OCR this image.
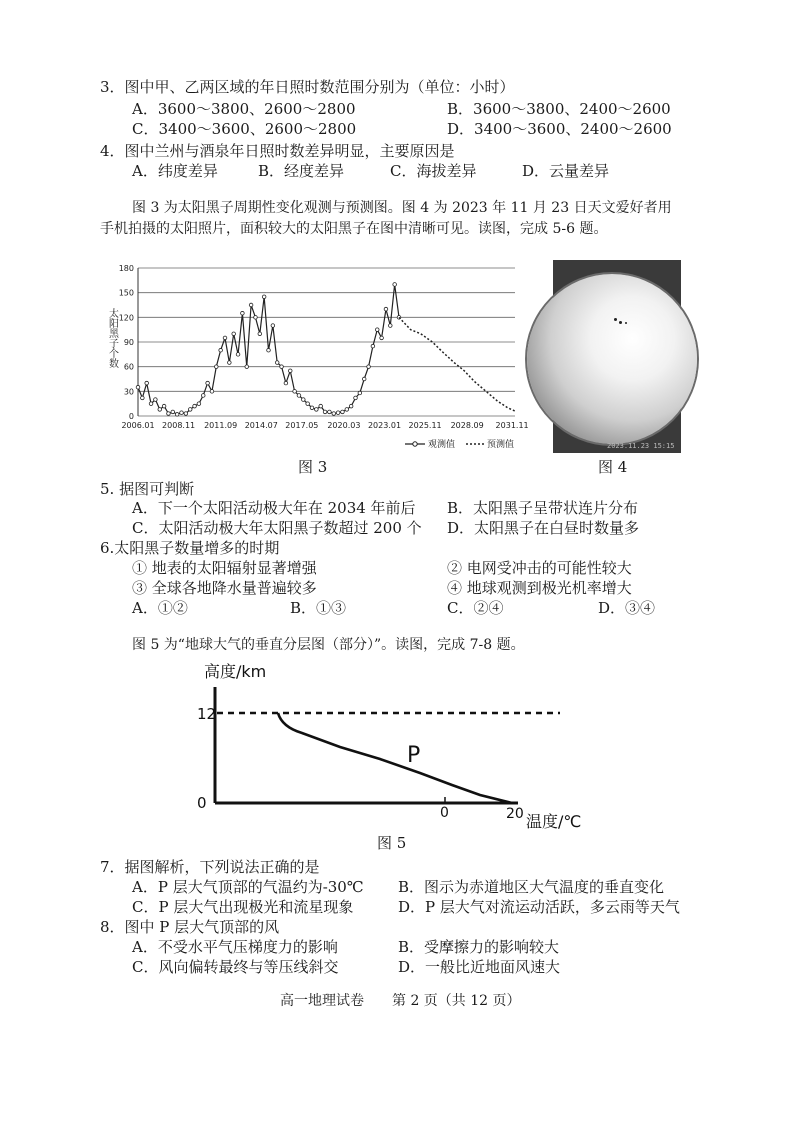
3．图中甲、乙两区域的年日照时数范围分别为（单位：小时）
A．3600～3800、2600～2800	B．3600～3800、2400～2600
C．3400～3600、2600～2800	D．3400～3600、2400～2600
4．图中兰州与酒泉年日照时数差异明显，主要原因是
A．纬度差异	B．经度差异	C．海拔差异	D．云量差异
图 3 为太阳黑子周期性变化观测与预测图。图 4 为 2023 年 11 月 23 日天文爱好者用
手机拍摄的太阳照片，面积较大的太阳黑子在图中清晰可见。读图，完成 5-6 题。
0
30
60
90
120
150
180
2006.01 2008.11 2011.09 2014.07 2017.05 2020.03 2023.01 2025.11 2028.09 2031.11
太阳黑子个数
观测值	预测值
图 3
2023.11.23 15:15
图 4
5. 据图可判断
A．下一个太阳活动极大年在 2034 年前后 B．太阳黑子呈带状连片分布
C．太阳活动极大年太阳黑子数超过 200 个 D．太阳黑子在白昼时数量多
6.太阳黑子数量增多的时期
① 地表的太阳辐射显著增强	② 电网受冲击的可能性较大
③ 全球各地降水量普遍较多	④ 地球观测到极光机率增大
A．①②	B．①③	C．②④	D．③④
图 5 为“地球大气的垂直分层图（部分）”。读图，完成 7-8 题。
高度/km
12
0
P
0	20 温度/℃
图 5
7．据图解析，下列说法正确的是
A．P 层大气顶部的气温约为-30℃ B．图示为赤道地区大气温度的垂直变化
C．P 层大气出现极光和流星现象	D．P 层大气对流运动活跃，多云雨等天气
8．图中 P 层大气顶部的风
A．不受水平气压梯度力的影响	B．受摩擦力的影响较大
C．风向偏转最终与等压线斜交	D．一般比近地面风速大
高一地理试卷　　第 2 页（共 12 页）
